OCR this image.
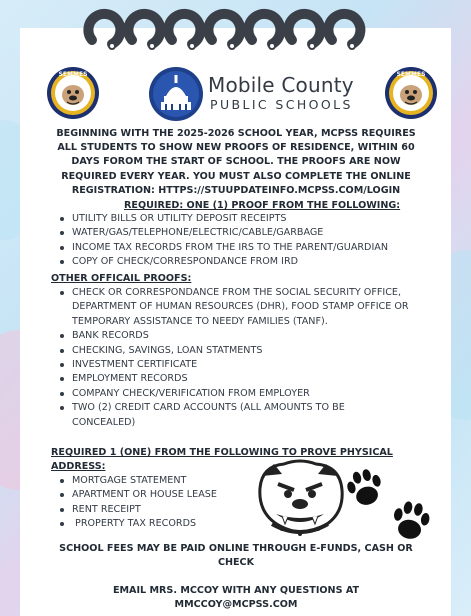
SEMMES	SEMMES
Mobile County
PUBLIC SCHOOLS
BEGINNING WITH THE 2025-2026 SCHOOL YEAR, MCPSS REQUIRES ALL STUDENTS TO SHOW NEW PROOFS OF RESIDENCE, WITHIN 60 DAYS FOROM THE START OF SCHOOL. THE PROOFS ARE NOW REQUIRED EVERY YEAR. YOU MUST ALSO COMPLETE THE ONLINE REGISTRATION: HTTPS://STUUPDATEINFO.MCPSS.COM/LOGIN
REQUIRED: ONE (1) PROOF FROM THE FOLLOWING:
UTILITY BILLS OR UTILITY DEPOSIT RECEIPTS
WATER/GAS/TELEPHONE/ELECTRIC/CABLE/GARBAGE
INCOME TAX RECORDS FROM THE IRS TO THE PARENT/GUARDIAN
COPY OF CHECK/CORRESPONDANCE FROM IRD
OTHER OFFICAIL PROOFS:
CHECK OR CORRESPONDANCE FROM THE SOCIAL SECURITY OFFICE, DEPARTMENT OF HUMAN RESOURCES (DHR), FOOD STAMP OFFICE OR TEMPORARY ASSISTANCE TO NEEDY FAMILIES (TANF).
BANK RECORDS
CHECKING, SAVINGS, LOAN STATMENTS
INVESTMENT CERTIFICATE
EMPLOYMENT RECORDS
COMPANY CHECK/VERIFICATION FROM EMPLOYER
TWO (2) CREDIT CARD ACCOUNTS (ALL AMOUNTS TO BE CONCEALED)
REQUIRED 1 (ONE) FROM THE FOLLOWING TO PROVE PHYSICAL
ADDRESS:
MORTGAGE STATEMENT
APARTMENT OR HOUSE LEASE
RENT RECEIPT
PROPERTY TAX RECORDS
SCHOOL FEES MAY BE PAID ONLINE THROUGH E-FUNDS, CASH OR CHECK
EMAIL MRS. MCCOY WITH ANY QUESTIONS AT MMCCOY@MCPSS.COM
